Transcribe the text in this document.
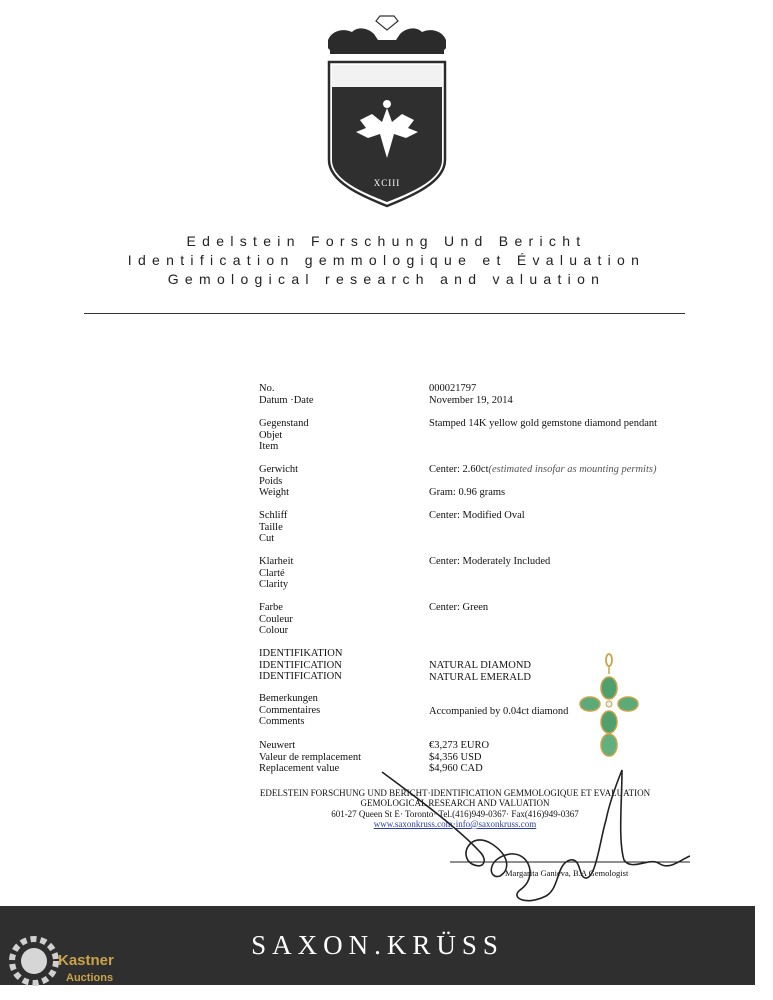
XCIII
Edelstein Forschung Und Bericht
Identification gemmologique et Évaluation
Gemological research and valuation
No.
Datum ·Date
000021797
November 19, 2014
Gegenstand
Objet
Item
Stamped 14K yellow gold gemstone diamond pendant
Gerwicht
Poids
Weight
Center: 2.60ct(estimated insofar as mounting permits)
Gram: 0.96 grams
Schliff
Taille
Cut
Center: Modified Oval
Klarheit
Clarté
Clarity
Center: Moderately Included
Farbe
Couleur
Colour
Center: Green
IDENTIFIKATION
IDENTIFICATION
IDENTIFICATION
NATURAL DIAMOND
NATURAL EMERALD
Bemerkungen
Commentaires
Comments
Accompanied by 0.04ct diamond
Neuwert
Valeur de remplacement
Replacement value
€3,273 EURO
$4,356 USD
$4,960 CAD
EDELSTEIN FORSCHUNG UND BERICHT·IDENTIFICATION GEMMOLOGIQUE ET EVALUATION
GEMOLOGICAL RESEARCH AND VALUATION
601-27 Queen St E· Toronto· Tel.(416)949-0367· Fax(416)949-0367
www.saxonkruss.com·info@saxonkruss.com
Margarita Ganieva, B.A Gemologist
SAXON.KRÜSS
Kastner
Auctions
